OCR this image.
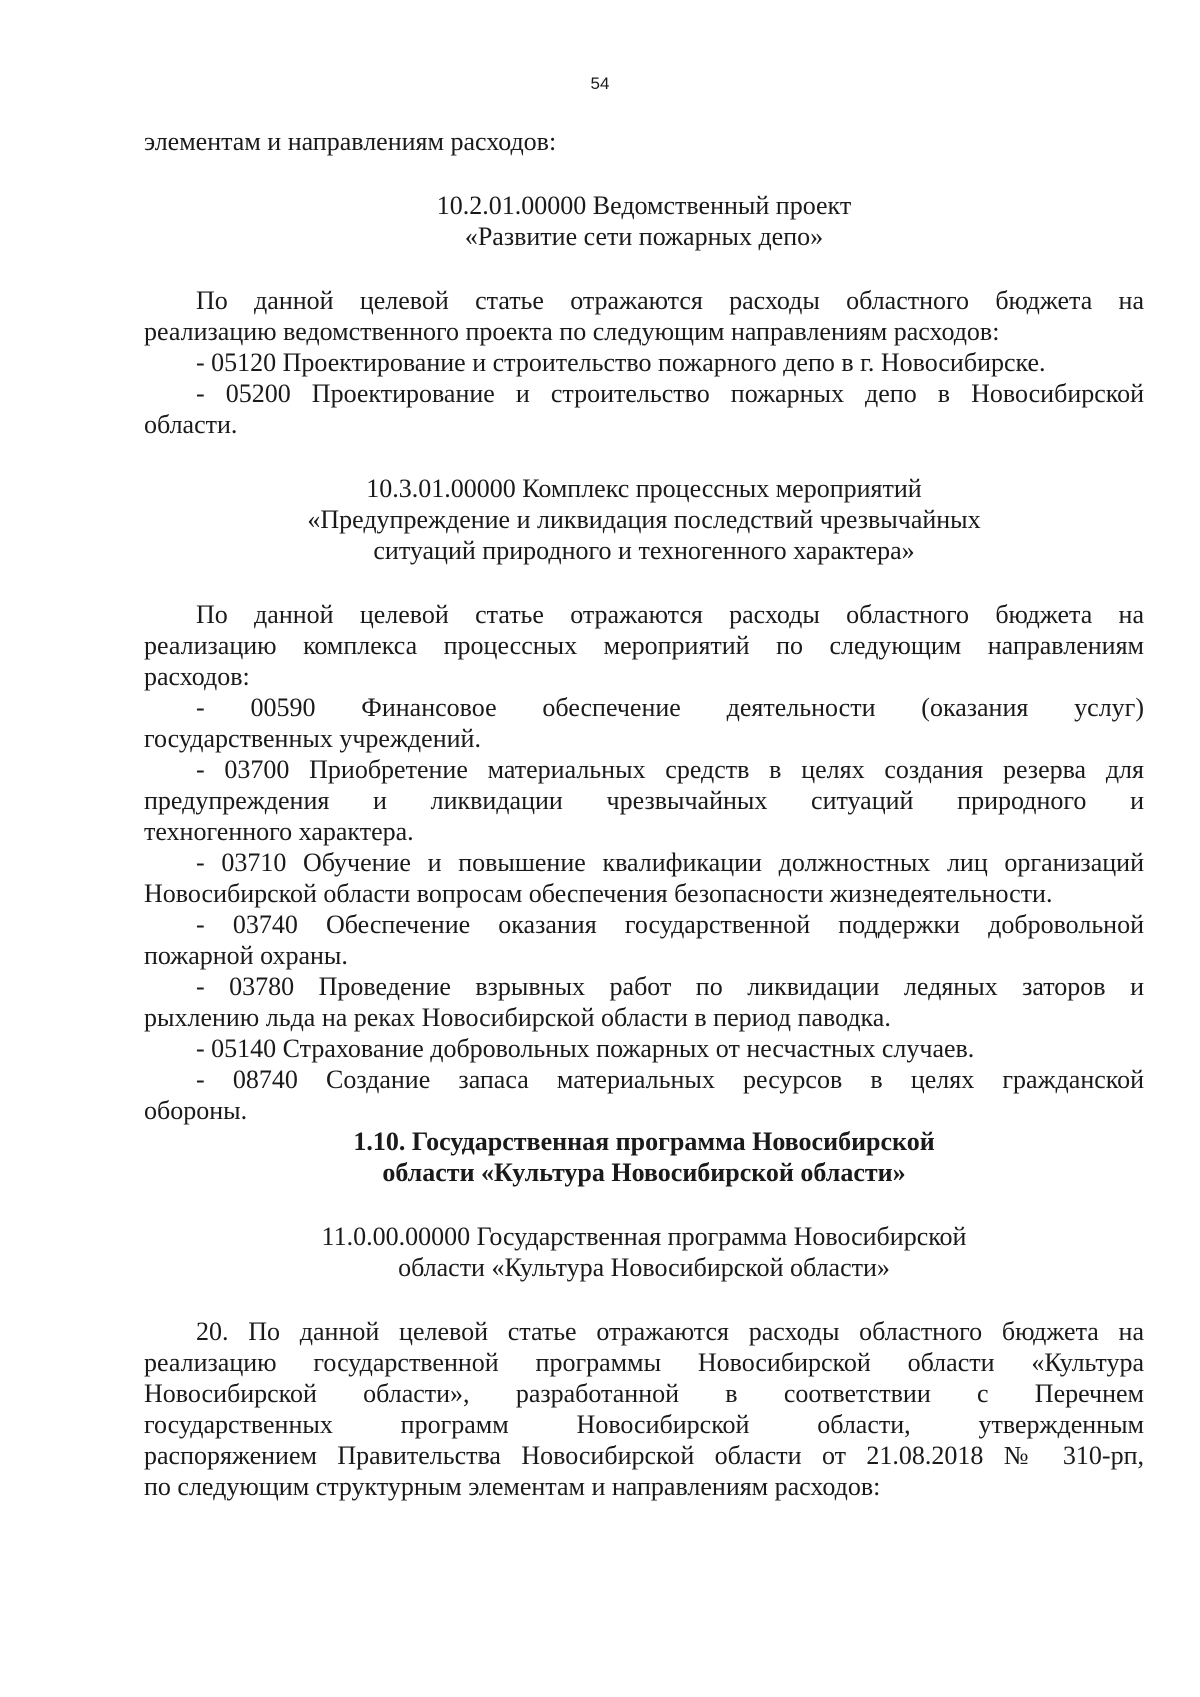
54
элементам и направлениям расходов:
10.2.01.00000 Ведомственный проект
«Развитие сети пожарных депо»
По данной целевой статье отражаются расходы областного бюджета на
реализацию ведомственного проекта по следующим направлениям расходов:
- 05120 Проектирование и строительство пожарного депо в г. Новосибирске.
- 05200 Проектирование и строительство пожарных депо в Новосибирской
области.
10.3.01.00000 Комплекс процессных мероприятий
«Предупреждение и ликвидация последствий чрезвычайных
ситуаций природного и техногенного характера»
По данной целевой статье отражаются расходы областного бюджета на
реализацию комплекса процессных мероприятий по следующим направлениям
расходов:
- 00590 Финансовое обеспечение деятельности (оказания услуг)
государственных учреждений.
- 03700 Приобретение материальных средств в целях создания резерва для
предупреждения и ликвидации чрезвычайных ситуаций природного и
техногенного характера.
- 03710 Обучение и повышение квалификации должностных лиц организаций
Новосибирской области вопросам обеспечения безопасности жизнедеятельности.
- 03740 Обеспечение оказания государственной поддержки добровольной
пожарной охраны.
- 03780 Проведение взрывных работ по ликвидации ледяных заторов и
рыхлению льда на реках Новосибирской области в период паводка.
- 05140 Страхование добровольных пожарных от несчастных случаев.
- 08740 Создание запаса материальных ресурсов в целях гражданской
обороны.
1.10. Государственная программа Новосибирской
области «Культура Новосибирской области»
11.0.00.00000 Государственная программа Новосибирской
области «Культура Новосибирской области»
20. По данной целевой статье отражаются расходы областного бюджета на
реализацию государственной программы Новосибирской области «Культура
Новосибирской области», разработанной в соответствии с Перечнем
государственных программ Новосибирской области, утвержденным
распоряжением Правительства Новосибирской области от 21.08.2018 № 310-рп,
по следующим структурным элементам и направлениям расходов:
